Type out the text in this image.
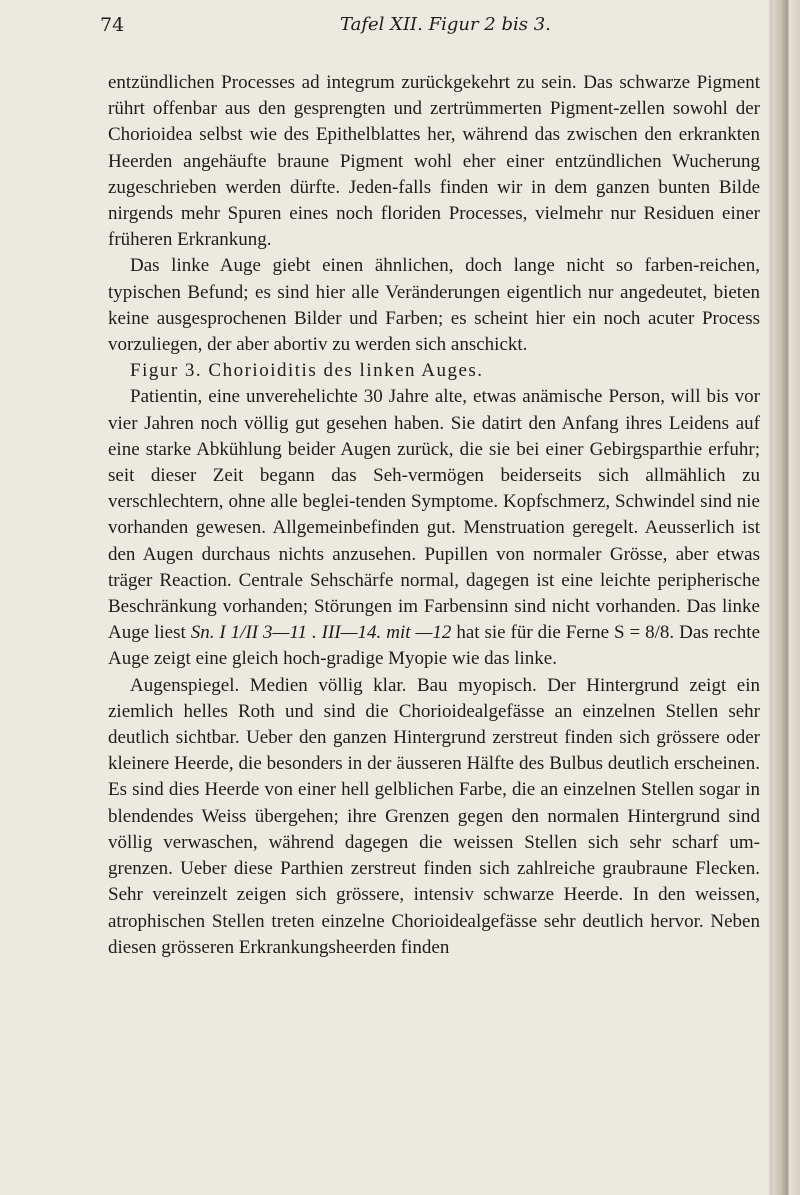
74	Tafel XII. Figur 2 bis 3.

entzündlichen Processes ad integrum zurückgekehrt zu sein. Das schwarze Pigment rührt offenbar aus den gesprengten und zertrümmerten Pigment-zellen sowohl der Chorioidea selbst wie des Epithelblattes her, während das zwischen den erkrankten Heerden angehäufte braune Pigment wohl eher einer entzündlichen Wucherung zugeschrieben werden dürfte. Jeden-falls finden wir in dem ganzen bunten Bilde nirgends mehr Spuren eines noch floriden Processes, vielmehr nur Residuen einer früheren Erkrankung.

Das linke Auge giebt einen ähnlichen, doch lange nicht so farben-reichen, typischen Befund; es sind hier alle Veränderungen eigentlich nur angedeutet, bieten keine ausgesprochenen Bilder und Farben; es scheint hier ein noch acuter Process vorzuliegen, der aber abortiv zu werden sich anschickt.

Figur 3. Chorioiditis des linken Auges.

Patientin, eine unverehelichte 30 Jahre alte, etwas anämische Person, will bis vor vier Jahren noch völlig gut gesehen haben. Sie datirt den Anfang ihres Leidens auf eine starke Abkühlung beider Augen zurück, die sie bei einer Gebirgsparthie erfuhr; seit dieser Zeit begann das Seh-vermögen beiderseits sich allmählich zu verschlechtern, ohne alle beglei-tenden Symptome. Kopfschmerz, Schwindel sind nie vorhanden gewesen. Allgemeinbefinden gut. Menstruation geregelt. Aeusserlich ist den Augen durchaus nichts anzusehen. Pupillen von normaler Grösse, aber etwas träger Reaction. Centrale Sehschärfe normal, dagegen ist eine leichte peripherische Beschränkung vorhanden; Störungen im Farbensinn sind nicht vorhanden. Das linke Auge liest Sn. I 1/II 3—11 . III—14. mit —12 hat sie für die Ferne S = 8/8. Das rechte Auge zeigt eine gleich hoch-gradige Myopie wie das linke.

Augenspiegel. Medien völlig klar. Bau myopisch. Der Hintergrund zeigt ein ziemlich helles Roth und sind die Chorioidealgefässe an einzelnen Stellen sehr deutlich sichtbar. Ueber den ganzen Hintergrund zerstreut finden sich grössere oder kleinere Heerde, die besonders in der äusseren Hälfte des Bulbus deutlich erscheinen. Es sind dies Heerde von einer hell gelblichen Farbe, die an einzelnen Stellen sogar in blendendes Weiss übergehen; ihre Grenzen gegen den normalen Hintergrund sind völlig verwaschen, während dagegen die weissen Stellen sich sehr scharf um-grenzen. Ueber diese Parthien zerstreut finden sich zahlreiche graubraune Flecken. Sehr vereinzelt zeigen sich grössere, intensiv schwarze Heerde. In den weissen, atrophischen Stellen treten einzelne Chorioidealgefässe sehr deutlich hervor. Neben diesen grösseren Erkrankungsheerden finden
